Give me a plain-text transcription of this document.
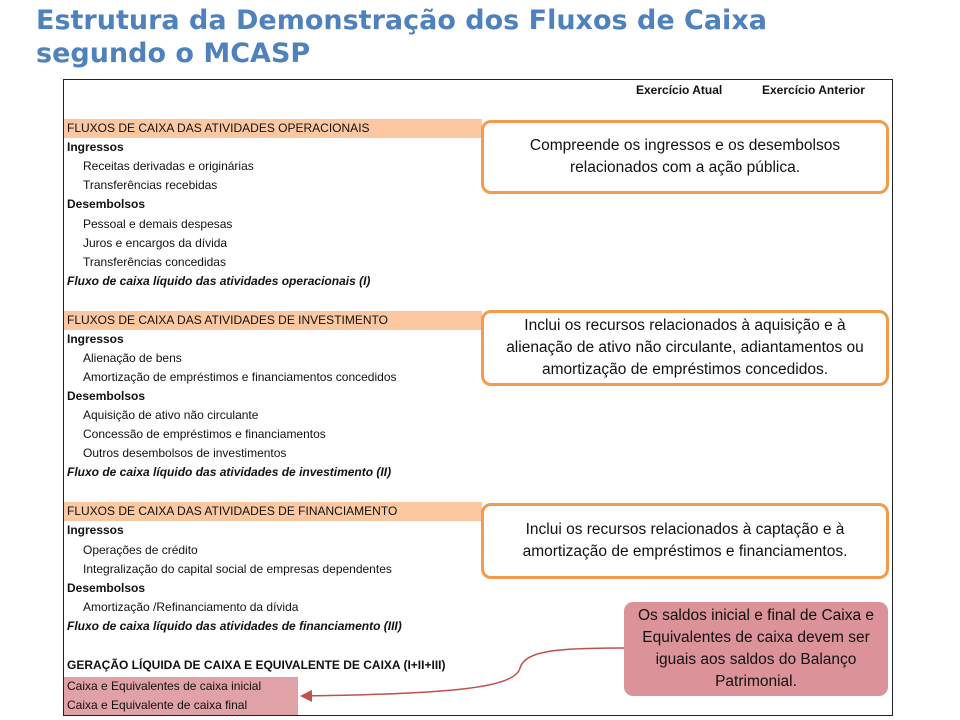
Estrutura da Demonstração dos Fluxos de Caixa
segundo o MCASP
Exercício Atual	Exercício Anterior
FLUXOS DE CAIXA DAS ATIVIDADES OPERACIONAIS
Ingressos
Receitas derivadas e originárias
Transferências recebidas
Desembolsos
Pessoal e demais despesas
Juros e encargos da dívida
Transferências concedidas
Fluxo de caixa líquido das atividades operacionais (I)
FLUXOS DE CAIXA DAS ATIVIDADES DE INVESTIMENTO
Ingressos
Alienação de bens
Amortização de empréstimos e financiamentos concedidos
Desembolsos
Aquisição de ativo não circulante
Concessão de empréstimos e financiamentos
Outros desembolsos de investimentos
Fluxo de caixa líquido das atividades de investimento (II)
FLUXOS DE CAIXA DAS ATIVIDADES DE FINANCIAMENTO
Ingressos
Operações de crédito
Integralização do capital social de empresas dependentes
Desembolsos
Amortização /Refinanciamento da dívida
Fluxo de caixa líquido das atividades de financiamento (III)
GERAÇÃO LÍQUIDA DE CAIXA E EQUIVALENTE DE CAIXA (I+II+III)
Caixa e Equivalentes de caixa inicial
Caixa e Equivalente de caixa final
Compreende os ingressos e os desembolsos relacionados com a ação pública.
Inclui os recursos relacionados à aquisição e à alienação de ativo não circulante, adiantamentos ou amortização de empréstimos concedidos.
Inclui os recursos relacionados à captação e à amortização de empréstimos e financiamentos.
Os saldos inicial e final de Caixa e Equivalentes de caixa devem ser iguais aos saldos do Balanço Patrimonial.
